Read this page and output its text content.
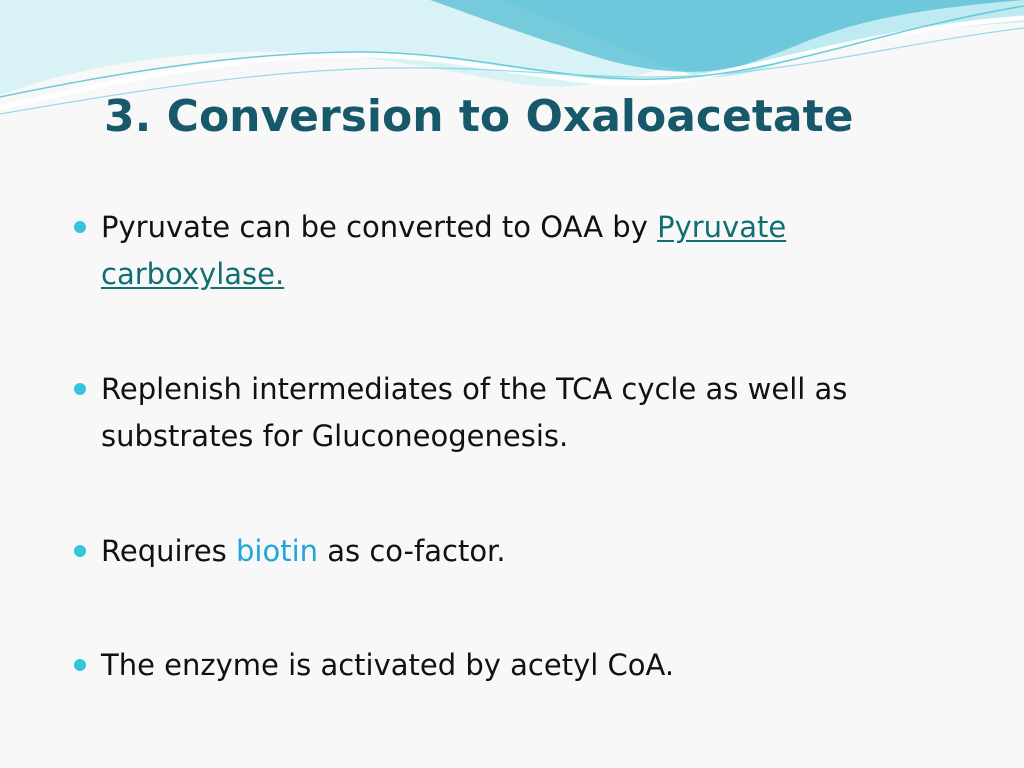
3. Conversion to Oxaloacetate
Pyruvate can be converted to OAA by Pyruvate carboxylase.
Replenish intermediates of the TCA cycle as well as substrates for Gluconeogenesis.
Requires biotin as co-factor.
The enzyme is activated by acetyl CoA.
